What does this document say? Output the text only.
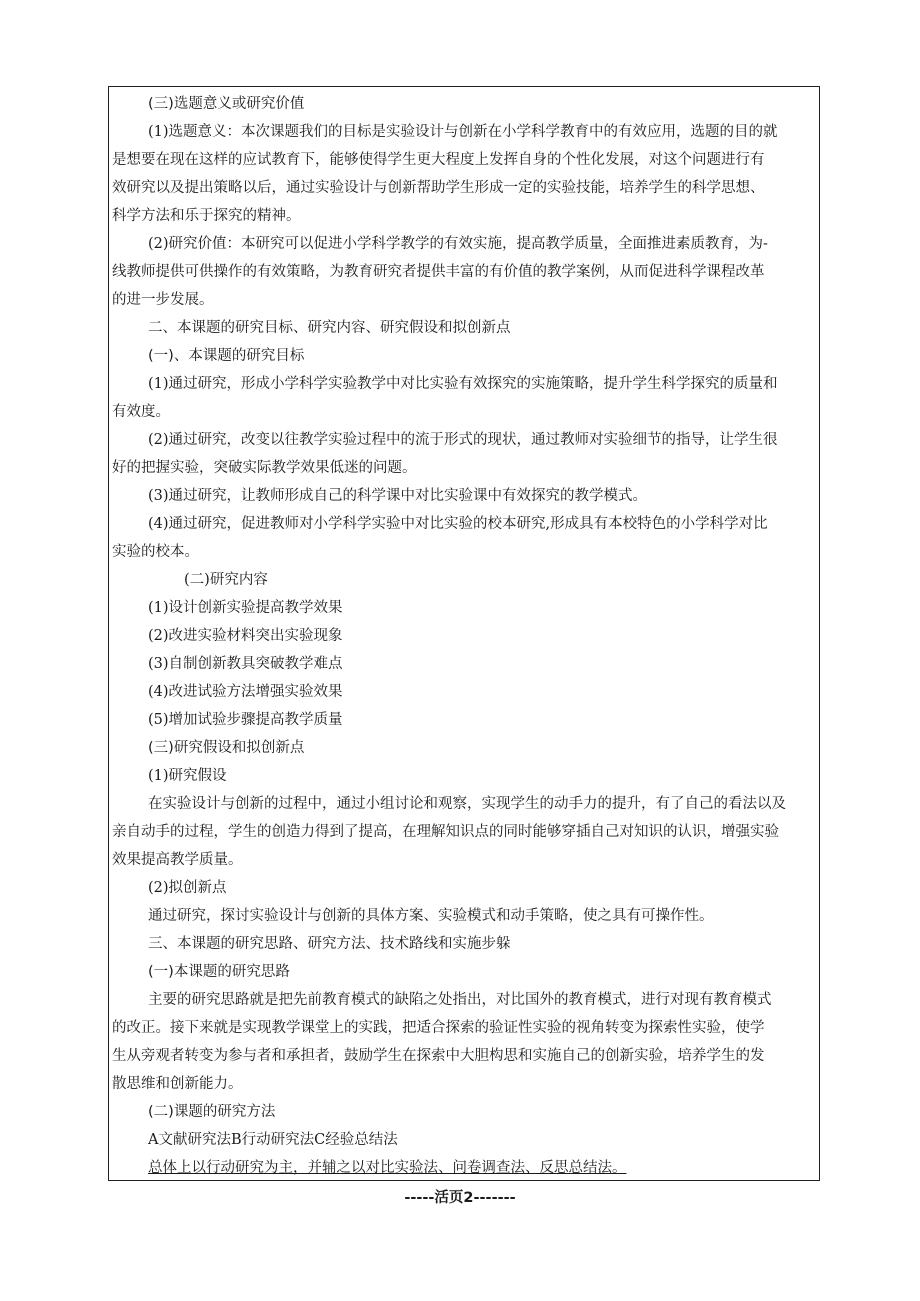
(三)选题意义或研究价值
(1)选题意义：本次课题我们的目标是实验设计与创新在小学科学教育中的有效应用，选题的目的就
是想要在现在这样的应试教育下，能够使得学生更大程度上发挥自身的个性化发展，对这个问题进行有
效研究以及提出策略以后，通过实验设计与创新帮助学生形成一定的实验技能，培养学生的科学思想、
科学方法和乐于探究的精神。
(2)研究价值：本研究可以促进小学科学教学的有效实施，提高教学质量，全面推进素质教育，为-
线教师提供可供操作的有效策略，为教育研究者提供丰富的有价值的教学案例，从而促进科学课程改革
的进一步发展。
二、本课题的研究目标、研究内容、研究假设和拟创新点
(一)、本课题的研究目标
(1)通过研究，形成小学科学实验教学中对比实验有效探究的实施策略，提升学生科学探究的质量和
有效度。
(2)通过研究，改变以往教学实验过程中的流于形式的现状，通过教师对实验细节的指导，让学生很
好的把握实验，突破实际教学效果低迷的问题。
(3)通过研究，让教师形成自己的科学课中对比实验课中有效探究的教学模式。
(4)通过研究，促进教师对小学科学实验中对比实验的校本研究,形成具有本校特色的小学科学对比
实验的校本。
(二)研究内容
(1)设计创新实验提高教学效果
(2)改进实验材料突出实验现象
(3)自制创新教具突破教学难点
(4)改进试验方法增强实验效果
(5)增加试验步骤提高教学质量
(三)研究假设和拟创新点
(1)研究假设
在实验设计与创新的过程中，通过小组讨论和观察，实现学生的动手力的提升，有了自己的看法以及
亲自动手的过程，学生的创造力得到了提高，在理解知识点的同时能够穿插自己对知识的认识，增强实验
效果提高教学质量。
(2)拟创新点
通过研究，探讨实验设计与创新的具体方案、实验模式和动手策略，使之具有可操作性。
三、本课题的研究思路、研究方法、技术路线和实施步躲
(一)本课题的研究思路
主要的研究思路就是把先前教育模式的缺陷之处指出，对比国外的教育模式，进行对现有教育模式
的改正。接下来就是实现教学课堂上的实践，把适合探索的验证性实验的视角转变为探索性实验，使学
生从旁观者转变为参与者和承担者，鼓励学生在探索中大胆构思和实施自己的创新实验，培养学生的发
散思维和创新能力。
(二)课题的研究方法
A文献研究法B行动研究法C经验总结法
总体上以行动研究为主，并辅之以对比实验法、问卷调查法、反思总结法。
-----活页2-------
